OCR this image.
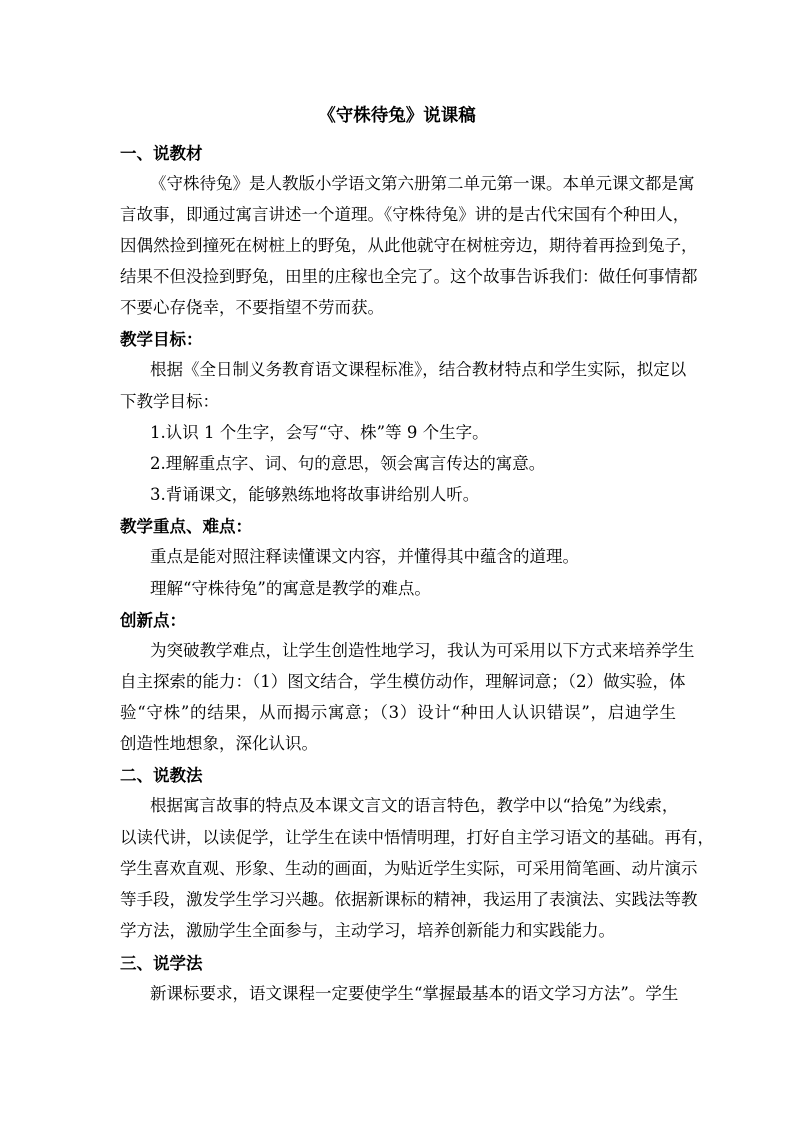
《守株待兔》说课稿
一、说教材
《守株待兔》是人教版小学语文第六册第二单元第一课。本单元课文都是寓
言故事，即通过寓言讲述一个道理。《守株待兔》讲的是古代宋国有个种田人，
因偶然捡到撞死在树桩上的野兔，从此他就守在树桩旁边，期待着再捡到兔子，
结果不但没捡到野兔，田里的庄稼也全完了。这个故事告诉我们：做任何事情都
不要心存侥幸，不要指望不劳而获。
教学目标：
根据《全日制义务教育语文课程标准》，结合教材特点和学生实际，拟定以
下教学目标：
1.认识 1 个生字，会写“守、株”等 9 个生字。
2.理解重点字、词、句的意思，领会寓言传达的寓意。
3.背诵课文，能够熟练地将故事讲给别人听。
教学重点、难点：
重点是能对照注释读懂课文内容，并懂得其中蕴含的道理。
理解“守株待兔”的寓意是教学的难点。
创新点：
为突破教学难点，让学生创造性地学习，我认为可采用以下方式来培养学生
自主探索的能力：（1）图文结合，学生模仿动作，理解词意；（2）做实验，体
验“守株”的结果，从而揭示寓意；（3）设计“种田人认识错误”，启迪学生
创造性地想象，深化认识。
二、说教法
根据寓言故事的特点及本课文言文的语言特色，教学中以“拾兔”为线索，
以读代讲，以读促学，让学生在读中悟情明理，打好自主学习语文的基础。再有，
学生喜欢直观、形象、生动的画面，为贴近学生实际，可采用简笔画、动片演示
等手段，激发学生学习兴趣。依据新课标的精神，我运用了表演法、实践法等教
学方法，激励学生全面参与，主动学习，培养创新能力和实践能力。
三、说学法
新课标要求，语文课程一定要使学生“掌握最基本的语文学习方法”。学生
